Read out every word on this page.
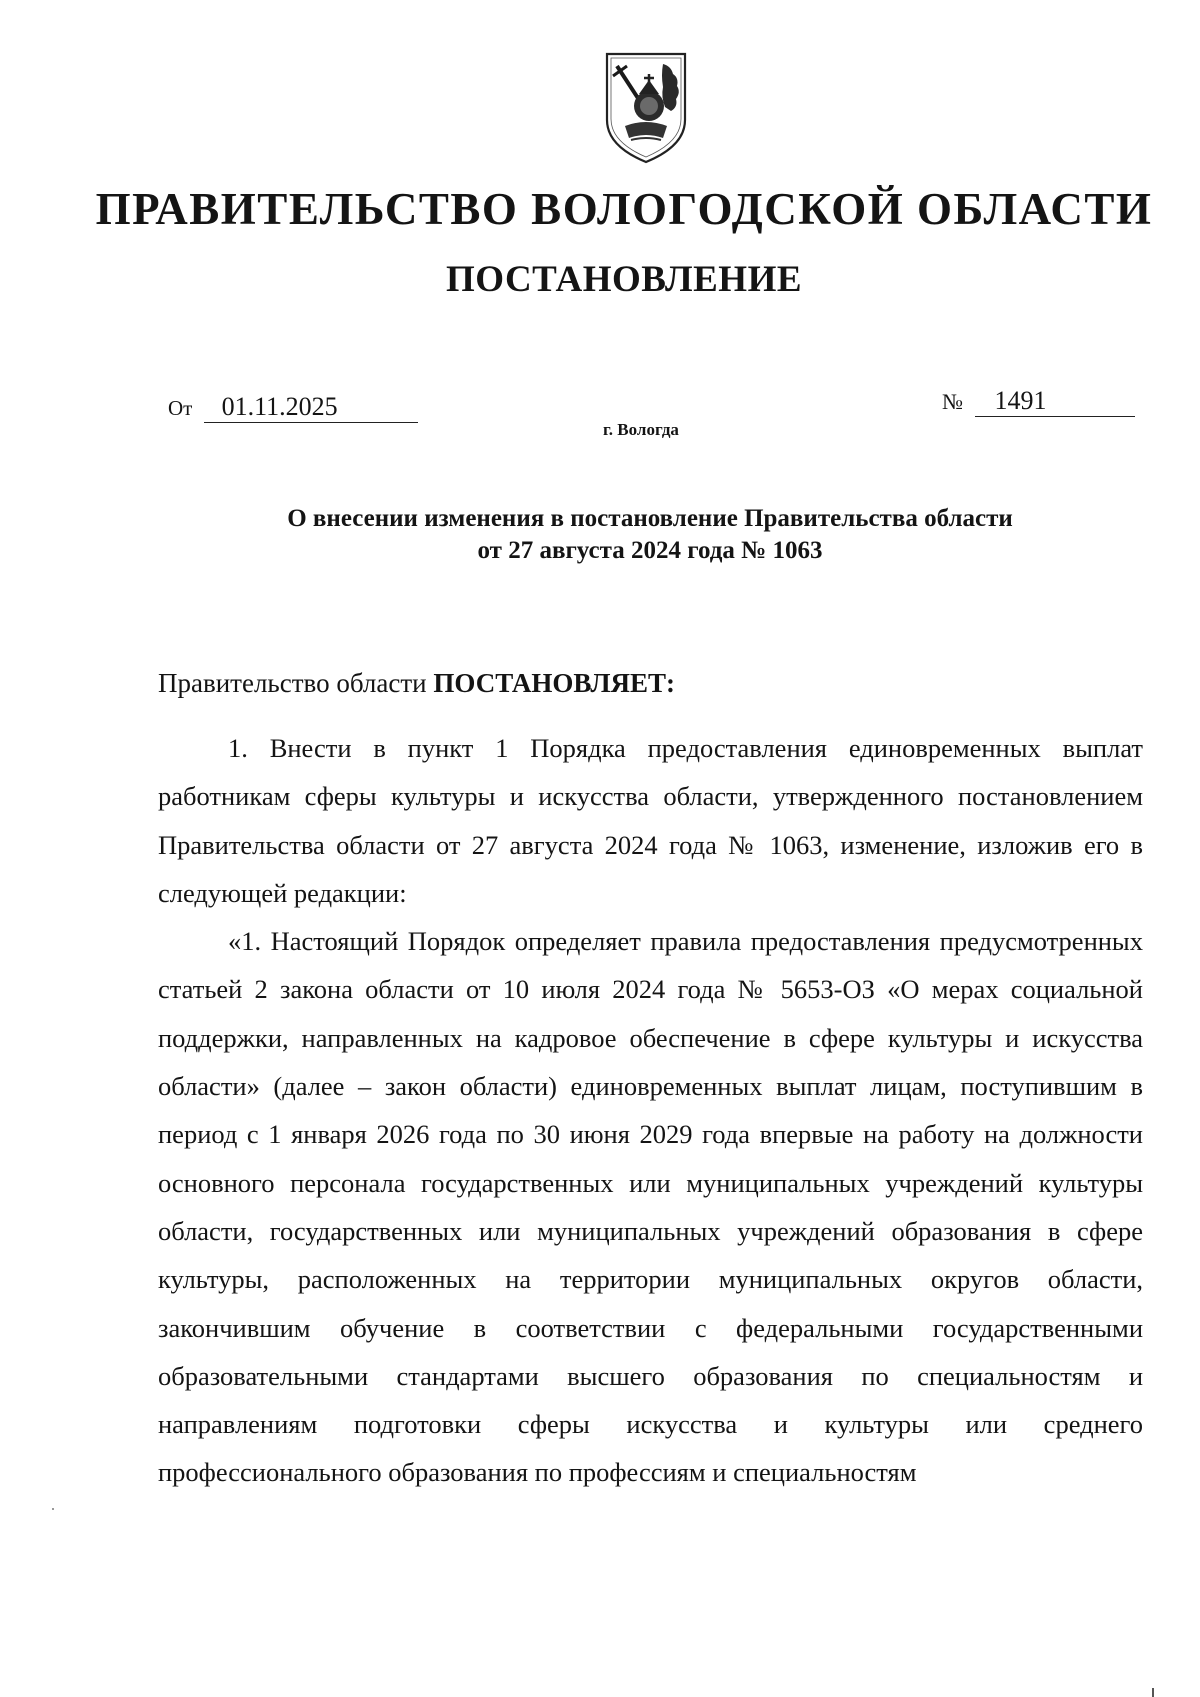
ПРАВИТЕЛЬСТВО ВОЛОГОДСКОЙ ОБЛАСТИ
ПОСТАНОВЛЕНИЕ
От 01.11.2025	№ 1491
г. Вологда
О внесении изменения в постановление Правительства области
от 27 августа 2024 года № 1063
Правительство области ПОСТАНОВЛЯЕТ:

1. Внести в пункт 1 Порядка предоставления единовременных выплат работникам сферы культуры и искусства области, утвержденного постановлением Правительства области от 27 августа 2024 года № 1063, изменение, изложив его в следующей редакции:

«1. Настоящий Порядок определяет правила предоставления предусмотренных статьей 2 закона области от 10 июля 2024 года № 5653-ОЗ «О мерах социальной поддержки, направленных на кадровое обеспечение в сфере культуры и искусства области» (далее – закон области) единовременных выплат лицам, поступившим в период с 1 января 2026 года по 30 июня 2029 года впервые на работу на должности основного персонала государственных или муниципальных учреждений культуры области, государственных или муниципальных учреждений образования в сфере культуры, расположенных на территории муниципальных округов области, закончившим обучение в соответствии с федеральными государственными образовательными стандартами высшего образования по специальностям и направлениям подготовки сферы искусства и культуры или среднего профессионального образования по профессиям и специальностям
